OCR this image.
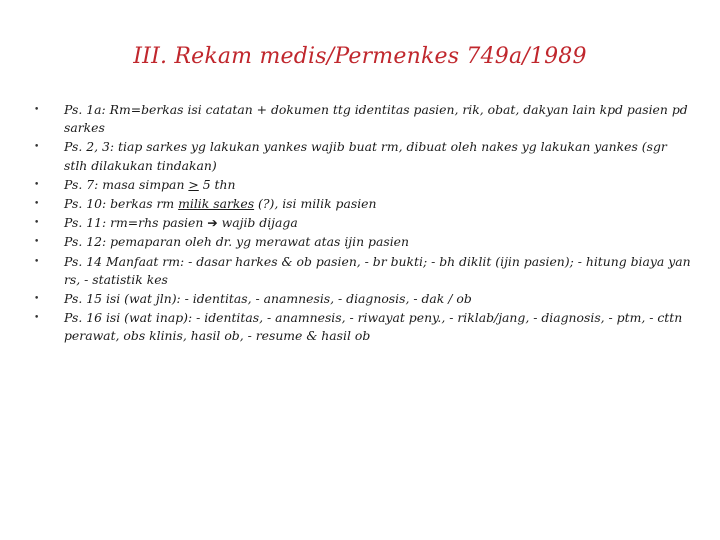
III. Rekam medis/Permenkes 749a/1989
•	Ps. 1a: Rm=berkas isi catatan + dokumen ttg identitas pasien, rik, obat, dakyan lain kpd pasien pd sarkes
•	Ps. 2, 3: tiap sarkes yg lakukan yankes wajib buat rm, dibuat oleh nakes yg lakukan yankes (sgr stlh dilakukan tindakan)
•	Ps. 7: masa simpan ≥ 5 thn
•	Ps. 10: berkas rm milik sarkes (?), isi milik pasien
•	Ps. 11: rm=rhs pasien ➔ wajib dijaga
•	Ps. 12: pemaparan oleh dr. yg merawat atas ijin pasien
•	Ps. 14 Manfaat rm: - dasar harkes & ob pasien, - br bukti; - bh diklit (ijin pasien); - hitung biaya yan rs, - statistik kes
•	Ps. 15 isi (wat jln): - identitas, - anamnesis, - diagnosis, - dak / ob
•	Ps. 16 isi (wat inap): - identitas, - anamnesis, - riwayat peny., - riklab/jang, - diagnosis, - ptm, - cttn perawat, obs klinis, hasil ob, - resume & hasil ob
